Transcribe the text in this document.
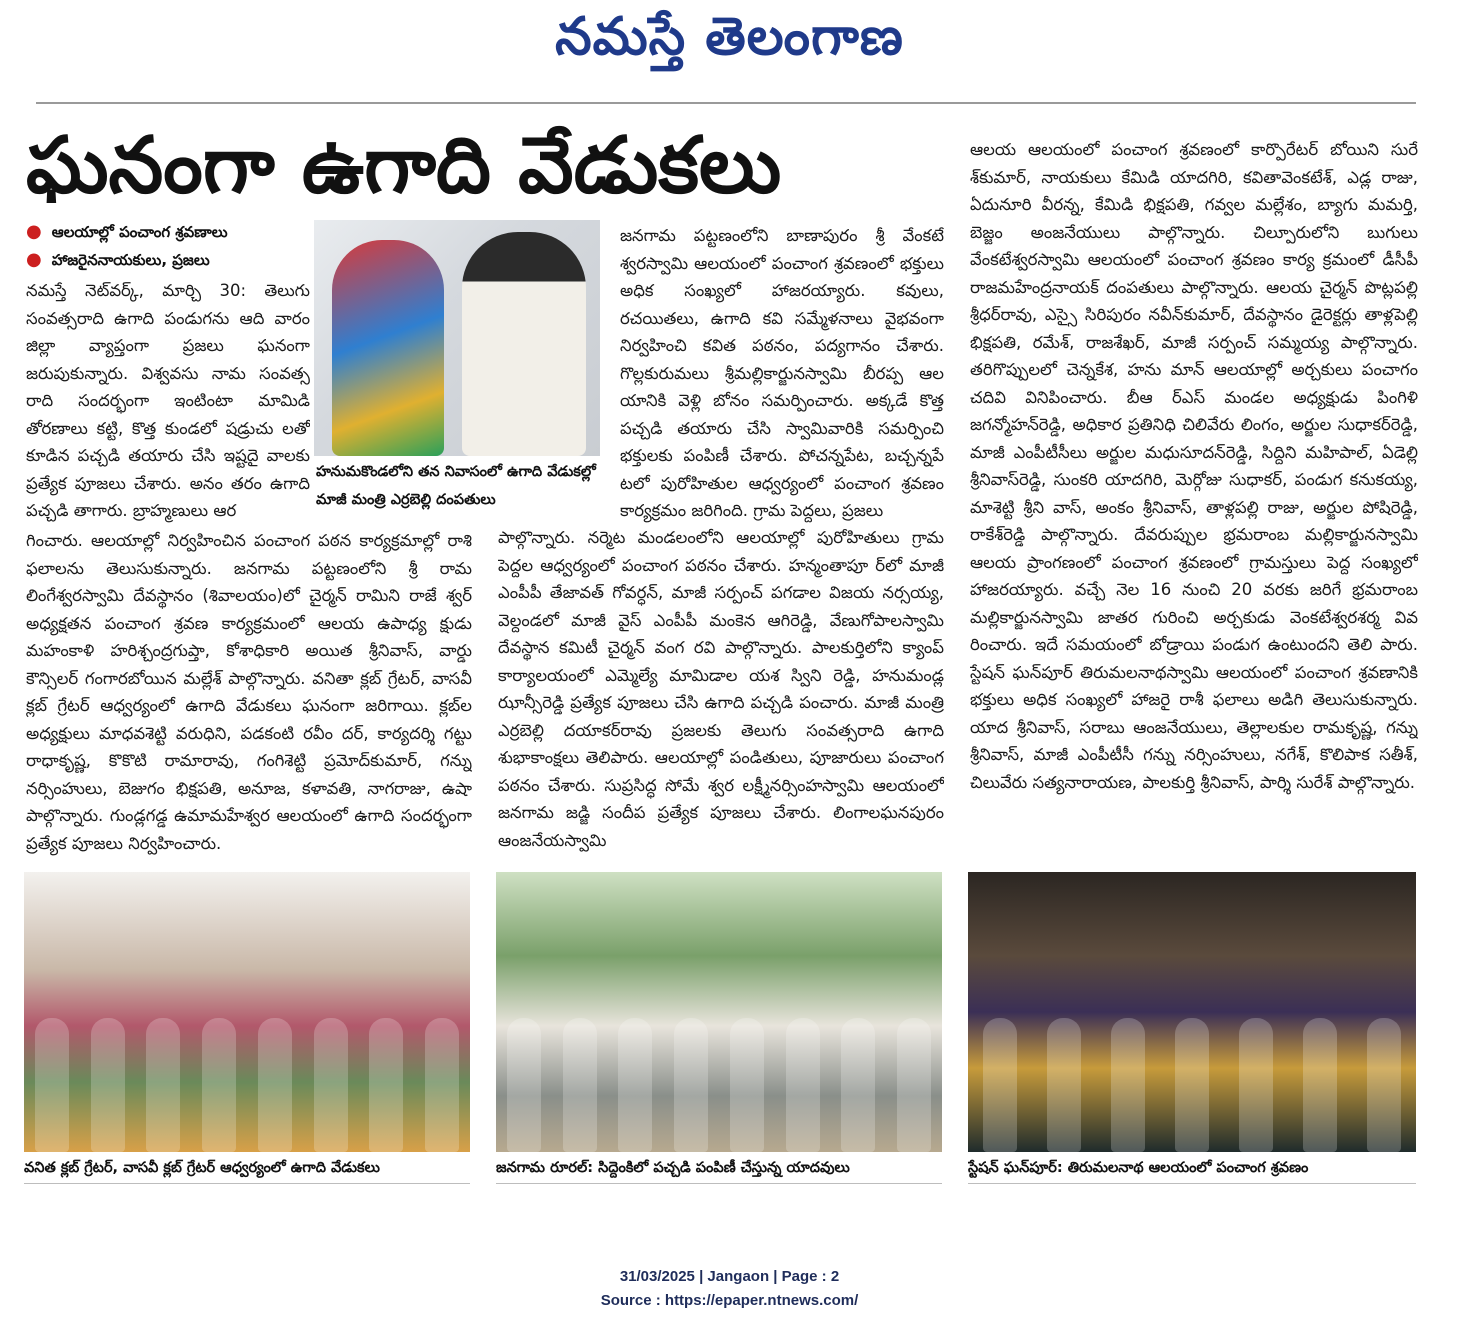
నమస్తే తెలంగాణ
ఘనంగా ఉగాది వేడుకలు
● ఆలయాల్లో పంచాంగ శ్రవణాలు
● హాజరైననాయకులు, ప్రజలు

నమస్తే నెట్‌వర్క్, మార్చి 30: తెలుగు సంవత్సరాది ఉగాది పండుగను ఆది వారం జిల్లా వ్యాప్తంగా ప్రజలు ఘనంగా జరుపుకున్నారు. విశ్వవసు నామ సంవత్స రాది సందర్భంగా ఇంటింటా మామిడి తోరణాలు కట్టి, కొత్త కుండలో షడ్రుచు లతో కూడిన పచ్చడి తయారు చేసి ఇష్టదై వాలకు ప్రత్యేక పూజలు చేశారు. అనం తరం ఉగాది పచ్చడి తాగారు. బ్రాహ్మణులు ఆర

గించారు. ఆలయాల్లో నిర్వహించిన పంచాంగ పఠన కార్యక్రమాల్లో రాశి ఫలాలను తెలుసుకున్నారు. జనగామ పట్టణంలోని శ్రీ రామ లింగేశ్వరస్వామి దేవస్థానం (శివాలయం)లో చైర్మన్ రామిని రాజే శ్వర్ అధ్యక్షతన పంచాంగ శ్రవణ కార్యక్రమంలో ఆలయ ఉపాధ్య క్షుడు మహంకాళి హరిశ్చంద్రగుప్తా, కోశాధికారి అయిత శ్రీనివాస్, వార్డు కౌన్సిలర్ గంగారబోయిన మల్లేశ్ పాల్గొన్నారు. వనితా క్లబ్ గ్రేటర్, వాసవీ క్లబ్ గ్రేటర్ ఆధ్వర్యంలో ఉగాది వేడుకలు ఘనంగా జరిగాయి. క్లబ్‌ల అధ్యక్షులు మాధవశెట్టి వరుధిని, పడకంటి రవీం దర్, కార్యదర్శి గట్టు రాధాకృష్ణ, కొకొటి రామారావు, గంగిశెట్టి ప్రమోద్‌కుమార్, గన్ను నర్సింహులు, బెజుగం భిక్షపతి, అనూజ, కళావతి, నాగరాజు, ఉషా పాల్గొన్నారు. గుండ్లగడ్డ ఉమామహేశ్వర ఆలయంలో ఉగాది సందర్భంగా ప్రత్యేక పూజలు నిర్వహించారు.

హనుమకొండలోని తన నివాసంలో ఉగాది వేడుకల్లో మాజీ మంత్రి ఎర్రబెల్లి దంపతులు

జనగామ పట్టణంలోని బాణాపురం శ్రీ వేంకటే శ్వరస్వామి ఆలయంలో పంచాంగ శ్రవణంలో భక్తులు అధిక సంఖ్యలో హాజరయ్యారు. కవులు, రచయితలు, ఉగాది కవి సమ్మేళనాలు వైభవంగా నిర్వహించి కవిత పఠనం, పద్యగానం చేశారు. గొల్లకురుమలు శ్రీమల్లికార్జునస్వామి బీరప్ప ఆల యానికి వెళ్లి బోనం సమర్పించారు. అక్కడే కొత్త పచ్చడి తయారు చేసి స్వామివారికి సమర్పించి భక్తులకు పంపిణీ చేశారు. పోచన్నపేట, బచ్చన్నపే టలో పురోహితుల ఆధ్వర్యంలో పంచాంగ శ్రవణం కార్యక్రమం జరిగింది. గ్రామ పెద్దలు, ప్రజలు

పాల్గొన్నారు. నర్మెట మండలంలోని ఆలయాల్లో పురోహితులు గ్రామ పెద్దల ఆధ్వర్యంలో పంచాంగ పఠనం చేశారు. హన్మంతాపూ ర్‌లో మాజీ ఎంపీపీ తేజావత్ గోవర్ధన్, మాజీ సర్పంచ్ పగడాల విజయ నర్సయ్య, వెల్దండలో మాజీ వైస్ ఎంపీపీ మంకెన ఆగిరెడ్డి, వేణుగోపాలస్వామి దేవస్థాన కమిటీ చైర్మన్ వంగ రవి పాల్గొన్నారు. పాలకుర్తిలోని క్యాంప్ కార్యాలయంలో ఎమ్మెల్యే మామిడాల యశ స్విని రెడ్డి, హనుమండ్ల ఝాన్సీరెడ్డి ప్రత్యేక పూజలు చేసి ఉగాది పచ్చడి పంచారు. మాజీ మంత్రి ఎర్రబెల్లి దయాకర్‌రావు ప్రజలకు తెలుగు సంవత్సరాది ఉగాది శుభాకాంక్షలు తెలిపారు. ఆలయాల్లో పండితులు, పూజారులు పంచాంగ పఠనం చేశారు. సుప్రసిద్ధ సోమే శ్వర లక్ష్మీనర్సింహస్వామి ఆలయంలో జనగామ జడ్జి సందీప ప్రత్యేక పూజలు చేశారు. లింగాలఘనపురం ఆంజనేయస్వామి

ఆలయ ఆలయంలో పంచాంగ శ్రవణంలో కార్పొరేటర్ బోయిని సురే శ్‌కుమార్, నాయకులు కేమిడి యాదగిరి, కవితావెంకటేశ్, ఎడ్ల రాజు, ఏదునూరి వీరన్న, కేమిడి భిక్షపతి, గవ్వల మల్లేశం, బ్యాగు మమర్తి, బెజ్జం అంజనేయులు పాల్గొన్నారు. చిల్పూరులోని బుగులు వేంకటేశ్వరస్వామి ఆలయంలో పంచాంగ శ్రవణం కార్య క్రమంలో డీసీపీ రాజమహేంద్రనాయక్ దంపతులు పాల్గొన్నారు. ఆలయ చైర్మన్ పొట్లపల్లి శ్రీధర్‌రావు, ఎస్సై సిరిపురం నవీన్‌కుమార్, దేవస్థానం డైరెక్టర్లు తాళ్లపెల్లి భిక్షపతి, రమేశ్, రాజశేఖర్, మాజీ సర్పంచ్ సమ్మయ్య పాల్గొన్నారు. తరిగొప్పులలో చెన్నకేశ, హను మాన్ ఆలయాల్లో అర్చకులు పంచాగం చదివి వినిపించారు. బీఆ ర్ఎస్ మండల అధ్యక్షుడు పింగిళి జగన్మోహన్‌రెడ్డి, అధికార ప్రతినిధి చిలివేరు లింగం, అర్జుల సుధాకర్‌రెడ్డి, మాజీ ఎంపీటీసీలు అర్జుల మధుసూదన్‌రెడ్డి, సిద్దిని మహిపాల్, ఏడెల్లి శ్రీనివాస్‌రెడ్డి, సుంకరి యాదగిరి, మెర్గోజు సుధాకర్, పండుగ కనుకయ్య, మాశెట్టి శ్రీని వాస్, అంకం శ్రీనివాస్, తాళ్లపల్లి రాజు, అర్జుల పోషిరెడ్డి, రాకేశ్‌రెడ్డి పాల్గొన్నారు. దేవరుప్పుల భ్రమరాంబ మల్లికార్జునస్వామి ఆలయ ప్రాంగణంలో పంచాంగ శ్రవణంలో గ్రామస్తులు పెద్ద సంఖ్యలో హాజరయ్యారు. వచ్చే నెల 16 నుంచి 20 వరకు జరిగే భ్రమరాంబ మల్లికార్జునస్వామి జాతర గురించి అర్చకుడు వెంకటేశ్వరశర్మ వివ రించారు. ఇదే సమయంలో బోడ్రాయి పండుగ ఉంటుందని తెలి పారు. స్టేషన్ ఘన్‌పూర్ తిరుమలనాథస్వామి ఆలయంలో పంచాంగ శ్రవణానికి భక్తులు అధిక సంఖ్యలో హాజరై రాశీ ఫలాలు అడిగి తెలుసుకున్నారు. యాద శ్రీనివాస్, సరాబు ఆంజనేయులు, తెల్లాలకుల రామకృష్ణ, గన్ను శ్రీనివాస్, మాజీ ఎంపీటీసీ గన్ను నర్సింహులు, నగేశ్, కొలిపాక సతీశ్, చిలువేరు సత్యనారాయణ, పాలకుర్తి శ్రీనివాస్, పార్శి సురేశ్ పాల్గొన్నారు.

వనిత క్లబ్ గ్రేటర్, వాసవీ క్లబ్ గ్రేటర్ ఆధ్వర్యంలో ఉగాది వేడుకలు	జనగామ రూరల్: సిద్దెంకిలో పచ్చడి పంపిణీ చేస్తున్న యాదవులు	స్టేషన్ ఘన్‌పూర్: తిరుమలనాథ ఆలయంలో పంచాంగ శ్రవణం
31/03/2025 | Jangaon | Page : 2
Source : https://epaper.ntnews.com/
